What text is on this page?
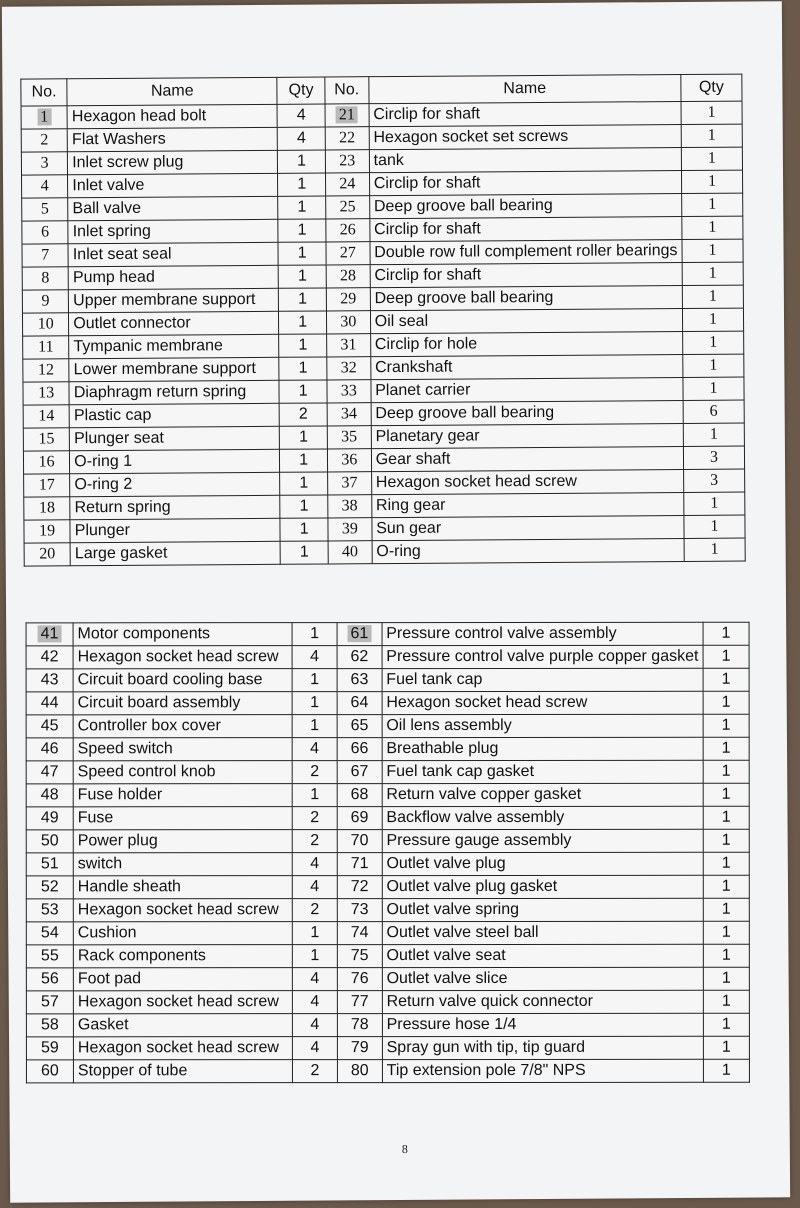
No.	Name	Qty	No.	Name	Qty
1	Hexagon head bolt	4	21	Circlip for shaft	1
2	Flat Washers	4	22	Hexagon socket set screws	1
3	Inlet screw plug	1	23	tank	1
4	Inlet valve	1	24	Circlip for shaft	1
5	Ball valve	1	25	Deep groove ball bearing	1
6	Inlet spring	1	26	Circlip for shaft	1
7	Inlet seat seal	1	27	Double row full complement roller bearings	1
8	Pump head	1	28	Circlip for shaft	1
9	Upper membrane support	1	29	Deep groove ball bearing	1
10	Outlet connector	1	30	Oil seal	1
11	Tympanic membrane	1	31	Circlip for hole	1
12	Lower membrane support	1	32	Crankshaft	1
13	Diaphragm return spring	1	33	Planet carrier	1
14	Plastic cap	2	34	Deep groove ball bearing	6
15	Plunger seat	1	35	Planetary gear	1
16	O-ring 1	1	36	Gear shaft	3
17	O-ring 2	1	37	Hexagon socket head screw	3
18	Return spring	1	38	Ring gear	1
19	Plunger	1	39	Sun gear	1
20	Large gasket	1	40	O-ring	1
41	Motor components	1	61	Pressure control valve assembly	1
42	Hexagon socket head screw	4	62	Pressure control valve purple copper gasket	1
43	Circuit board cooling base	1	63	Fuel tank cap	1
44	Circuit board assembly	1	64	Hexagon socket head screw	1
45	Controller box cover	1	65	Oil lens assembly	1
46	Speed switch	4	66	Breathable plug	1
47	Speed control knob	2	67	Fuel tank cap gasket	1
48	Fuse holder	1	68	Return valve copper gasket	1
49	Fuse	2	69	Backflow valve assembly	1
50	Power plug	2	70	Pressure gauge assembly	1
51	switch	4	71	Outlet valve plug	1
52	Handle sheath	4	72	Outlet valve plug gasket	1
53	Hexagon socket head screw	2	73	Outlet valve spring	1
54	Cushion	1	74	Outlet valve steel ball	1
55	Rack components	1	75	Outlet valve seat	1
56	Foot pad	4	76	Outlet valve slice	1
57	Hexagon socket head screw	4	77	Return valve quick connector	1
58	Gasket	4	78	Pressure hose 1/4	1
59	Hexagon socket head screw	4	79	Spray gun with tip, tip guard	1
60	Stopper of tube	2	80	Tip extension pole 7/8" NPS	1
8
